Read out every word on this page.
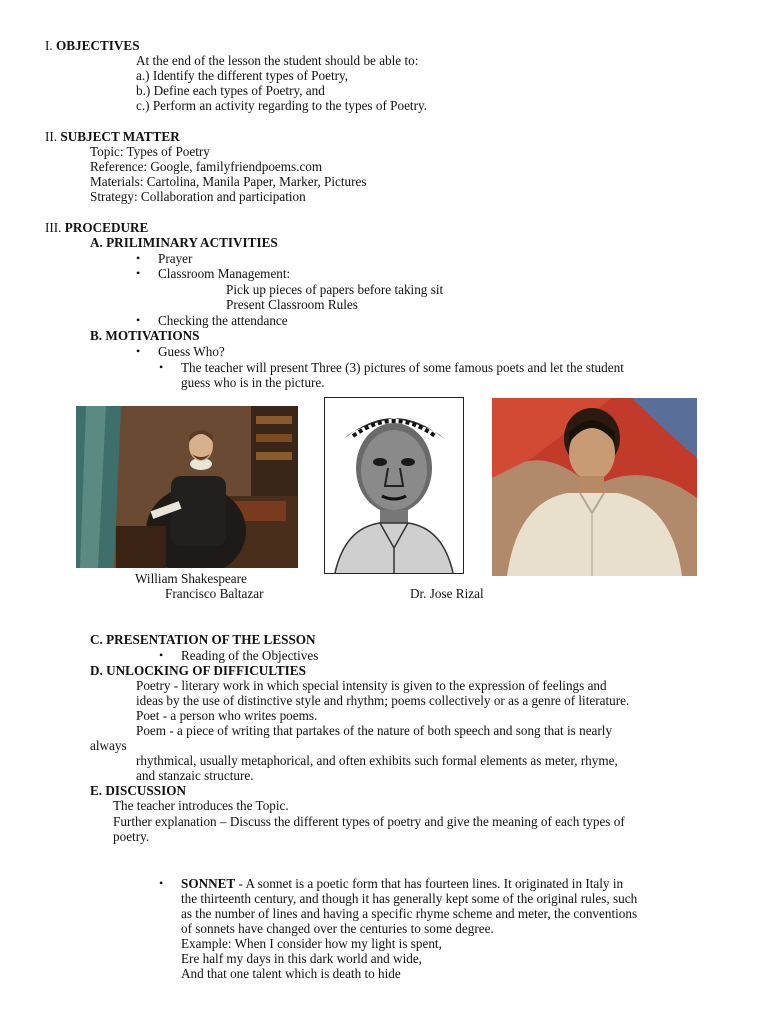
I. OBJECTIVES
At the end of the lesson the student should be able to:
a.) Identify the different types of Poetry,
b.) Define each types of Poetry, and
c.) Perform an activity regarding to the types of Poetry.
II. SUBJECT MATTER
Topic: Types of Poetry
Reference: Google, familyfriendpoems.com
Materials: Cartolina, Manila Paper, Marker, Pictures
Strategy: Collaboration and participation
III. PROCEDURE
A. PRILIMINARY ACTIVITIES
• Prayer
• Classroom Management:
Pick up pieces of papers before taking sit
Present Classroom Rules
• Checking the attendance
B. MOTIVATIONS
• Guess Who?
• The teacher will present Three (3) pictures of some famous poets and let the student
guess who is in the picture.
William Shakespeare
Francisco Baltazar	Dr. Jose Rizal
C. PRESENTATION OF THE LESSON
• Reading of the Objectives
D. UNLOCKING OF DIFFICULTIES
Poetry - literary work in which special intensity is given to the expression of feelings and
ideas by the use of distinctive style and rhythm; poems collectively or as a genre of literature.
Poet - a person who writes poems.
Poem - a piece of writing that partakes of the nature of both speech and song that is nearly
always
rhythmical, usually metaphorical, and often exhibits such formal elements as meter, rhyme,
and stanzaic structure.
E. DISCUSSION
The teacher introduces the Topic.
Further explanation – Discuss the different types of poetry and give the meaning of each types of
poetry.
• SONNET - A sonnet is a poetic form that has fourteen lines. It originated in Italy in
the thirteenth century, and though it has generally kept some of the original rules, such
as the number of lines and having a specific rhyme scheme and meter, the conventions
of sonnets have changed over the centuries to some degree.
Example: When I consider how my light is spent,
Ere half my days in this dark world and wide,
And that one talent which is death to hide
